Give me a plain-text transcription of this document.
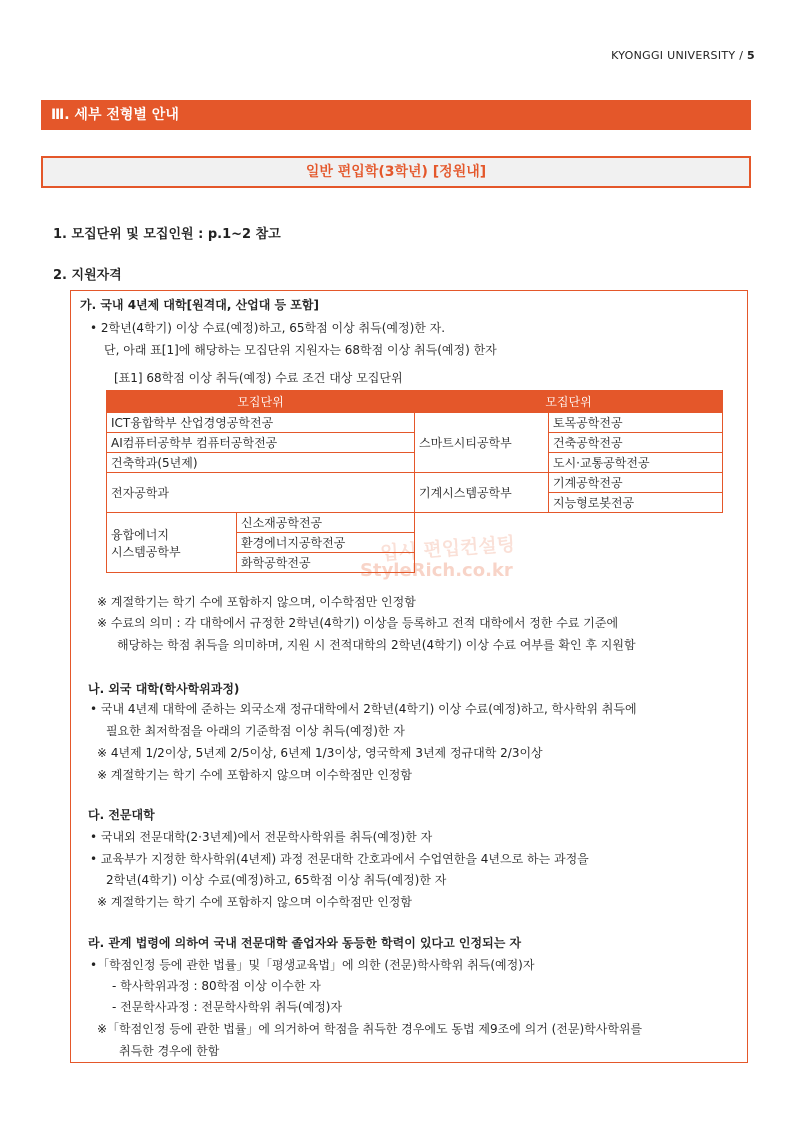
KYONGGI UNIVERSITY / 5
Ⅲ. 세부 전형별 안내
일반 편입학(3학년) [정원내]
1. 모집단위 및 모집인원 : p.1~2 참고
2. 지원자격
가. 국내 4년제 대학[원격대, 산업대 등 포함]
• 2학년(4학기) 이상 수료(예정)하고, 65학점 이상 취득(예정)한 자.
단, 아래 표[1]에 해당하는 모집단위 지원자는 68학점 이상 취득(예정) 한자
[표1] 68학점 이상 취득(예정) 수료 조건 대상 모집단위
모집단위		모집단위	
ICT융합학부 산업경영공학전공		스마트시티공학부	토목공학전공
AI컴퓨터공학부 컴퓨터공학전공			건축공학전공
건축학과(5년제)			도시·교통공학전공
전자공학과		기계시스템공학부	기계공학전공
			지능형로봇전공

융합에너지
시스템공학부	신소재공학전공		
	환경에너지공학전공		
	화학공학전공			입시 편입컨설팅
StyleRich.co.kr
※ 계절학기는 학기 수에 포함하지 않으며, 이수학점만 인정함
※ 수료의 의미 : 각 대학에서 규정한 2학년(4학기) 이상을 등록하고 전적 대학에서 정한 수료 기준에
해당하는 학점 취득을 의미하며, 지원 시 전적대학의 2학년(4학기) 이상 수료 여부를 확인 후 지원함
나. 외국 대학(학사학위과정)
• 국내 4년제 대학에 준하는 외국소재 정규대학에서 2학년(4학기) 이상 수료(예정)하고, 학사학위 취득에
필요한 최저학점을 아래의 기준학점 이상 취득(예정)한 자
※ 4년제 1/2이상, 5년제 2/5이상, 6년제 1/3이상, 영국학제 3년제 정규대학 2/3이상
※ 계절학기는 학기 수에 포함하지 않으며 이수학점만 인정함
다. 전문대학
• 국내외 전문대학(2·3년제)에서 전문학사학위를 취득(예정)한 자
• 교육부가 지정한 학사학위(4년제) 과정 전문대학 간호과에서 수업연한을 4년으로 하는 과정을
2학년(4학기) 이상 수료(예정)하고, 65학점 이상 취득(예정)한 자
※ 계절학기는 학기 수에 포함하지 않으며 이수학점만 인정함
라. 관계 법령에 의하여 국내 전문대학 졸업자와 동등한 학력이 있다고 인정되는 자
•「학점인정 등에 관한 법률」및「평생교육법」에 의한 (전문)학사학위 취득(예정)자
- 학사학위과정 : 80학점 이상 이수한 자
- 전문학사과정 : 전문학사학위 취득(예정)자
※「학점인정 등에 관한 법률」에 의거하여 학점을 취득한 경우에도 동법 제9조에 의거 (전문)학사학위를
취득한 경우에 한함
